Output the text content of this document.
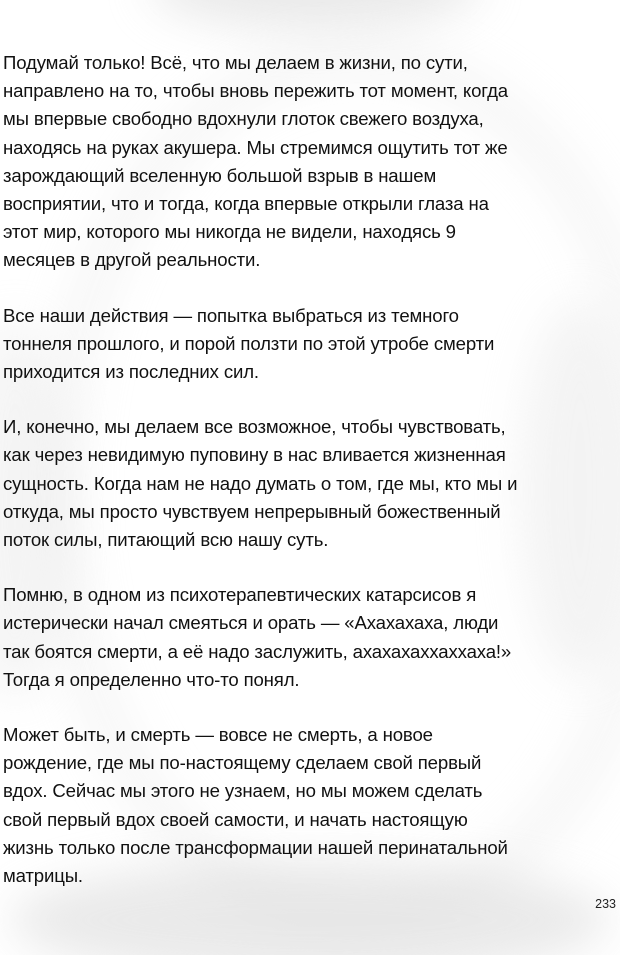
Подумай только! Всё, что мы делаем в жизни, по сути,
направлено на то, чтобы вновь пережить тот момент, когда
мы впервые свободно вдохнули глоток свежего воздуха,
находясь на руках акушера. Мы стремимся ощутить тот же
зарождающий вселенную большой взрыв в нашем
восприятии, что и тогда, когда впервые открыли глаза на
этот мир, которого мы никогда не видели, находясь 9
месяцев в другой реальности.

Все наши действия — попытка выбраться из темного
тоннеля прошлого, и порой ползти по этой утробе смерти
приходится из последних сил.

И, конечно, мы делаем все возможное, чтобы чувствовать,
как через невидимую пуповину в нас вливается жизненная
сущность. Когда нам не надо думать о том, где мы, кто мы и
откуда, мы просто чувствуем непрерывный божественный
поток силы, питающий всю нашу суть.

Помню, в одном из психотерапевтических катарсисов я
истерически начал смеяться и орать — «Ахахахаха, люди
так боятся смерти, а её надо заслужить, ахахахаххаххаха!»
Тогда я определенно что-то понял.

Может быть, и смерть — вовсе не смерть, а новое
рождение, где мы по-настоящему сделаем свой первый
вдох. Сейчас мы этого не узнаем, но мы можем сделать
свой первый вдох своей самости, и начать настоящую
жизнь только после трансформации нашей перинатальной
матрицы.

233
